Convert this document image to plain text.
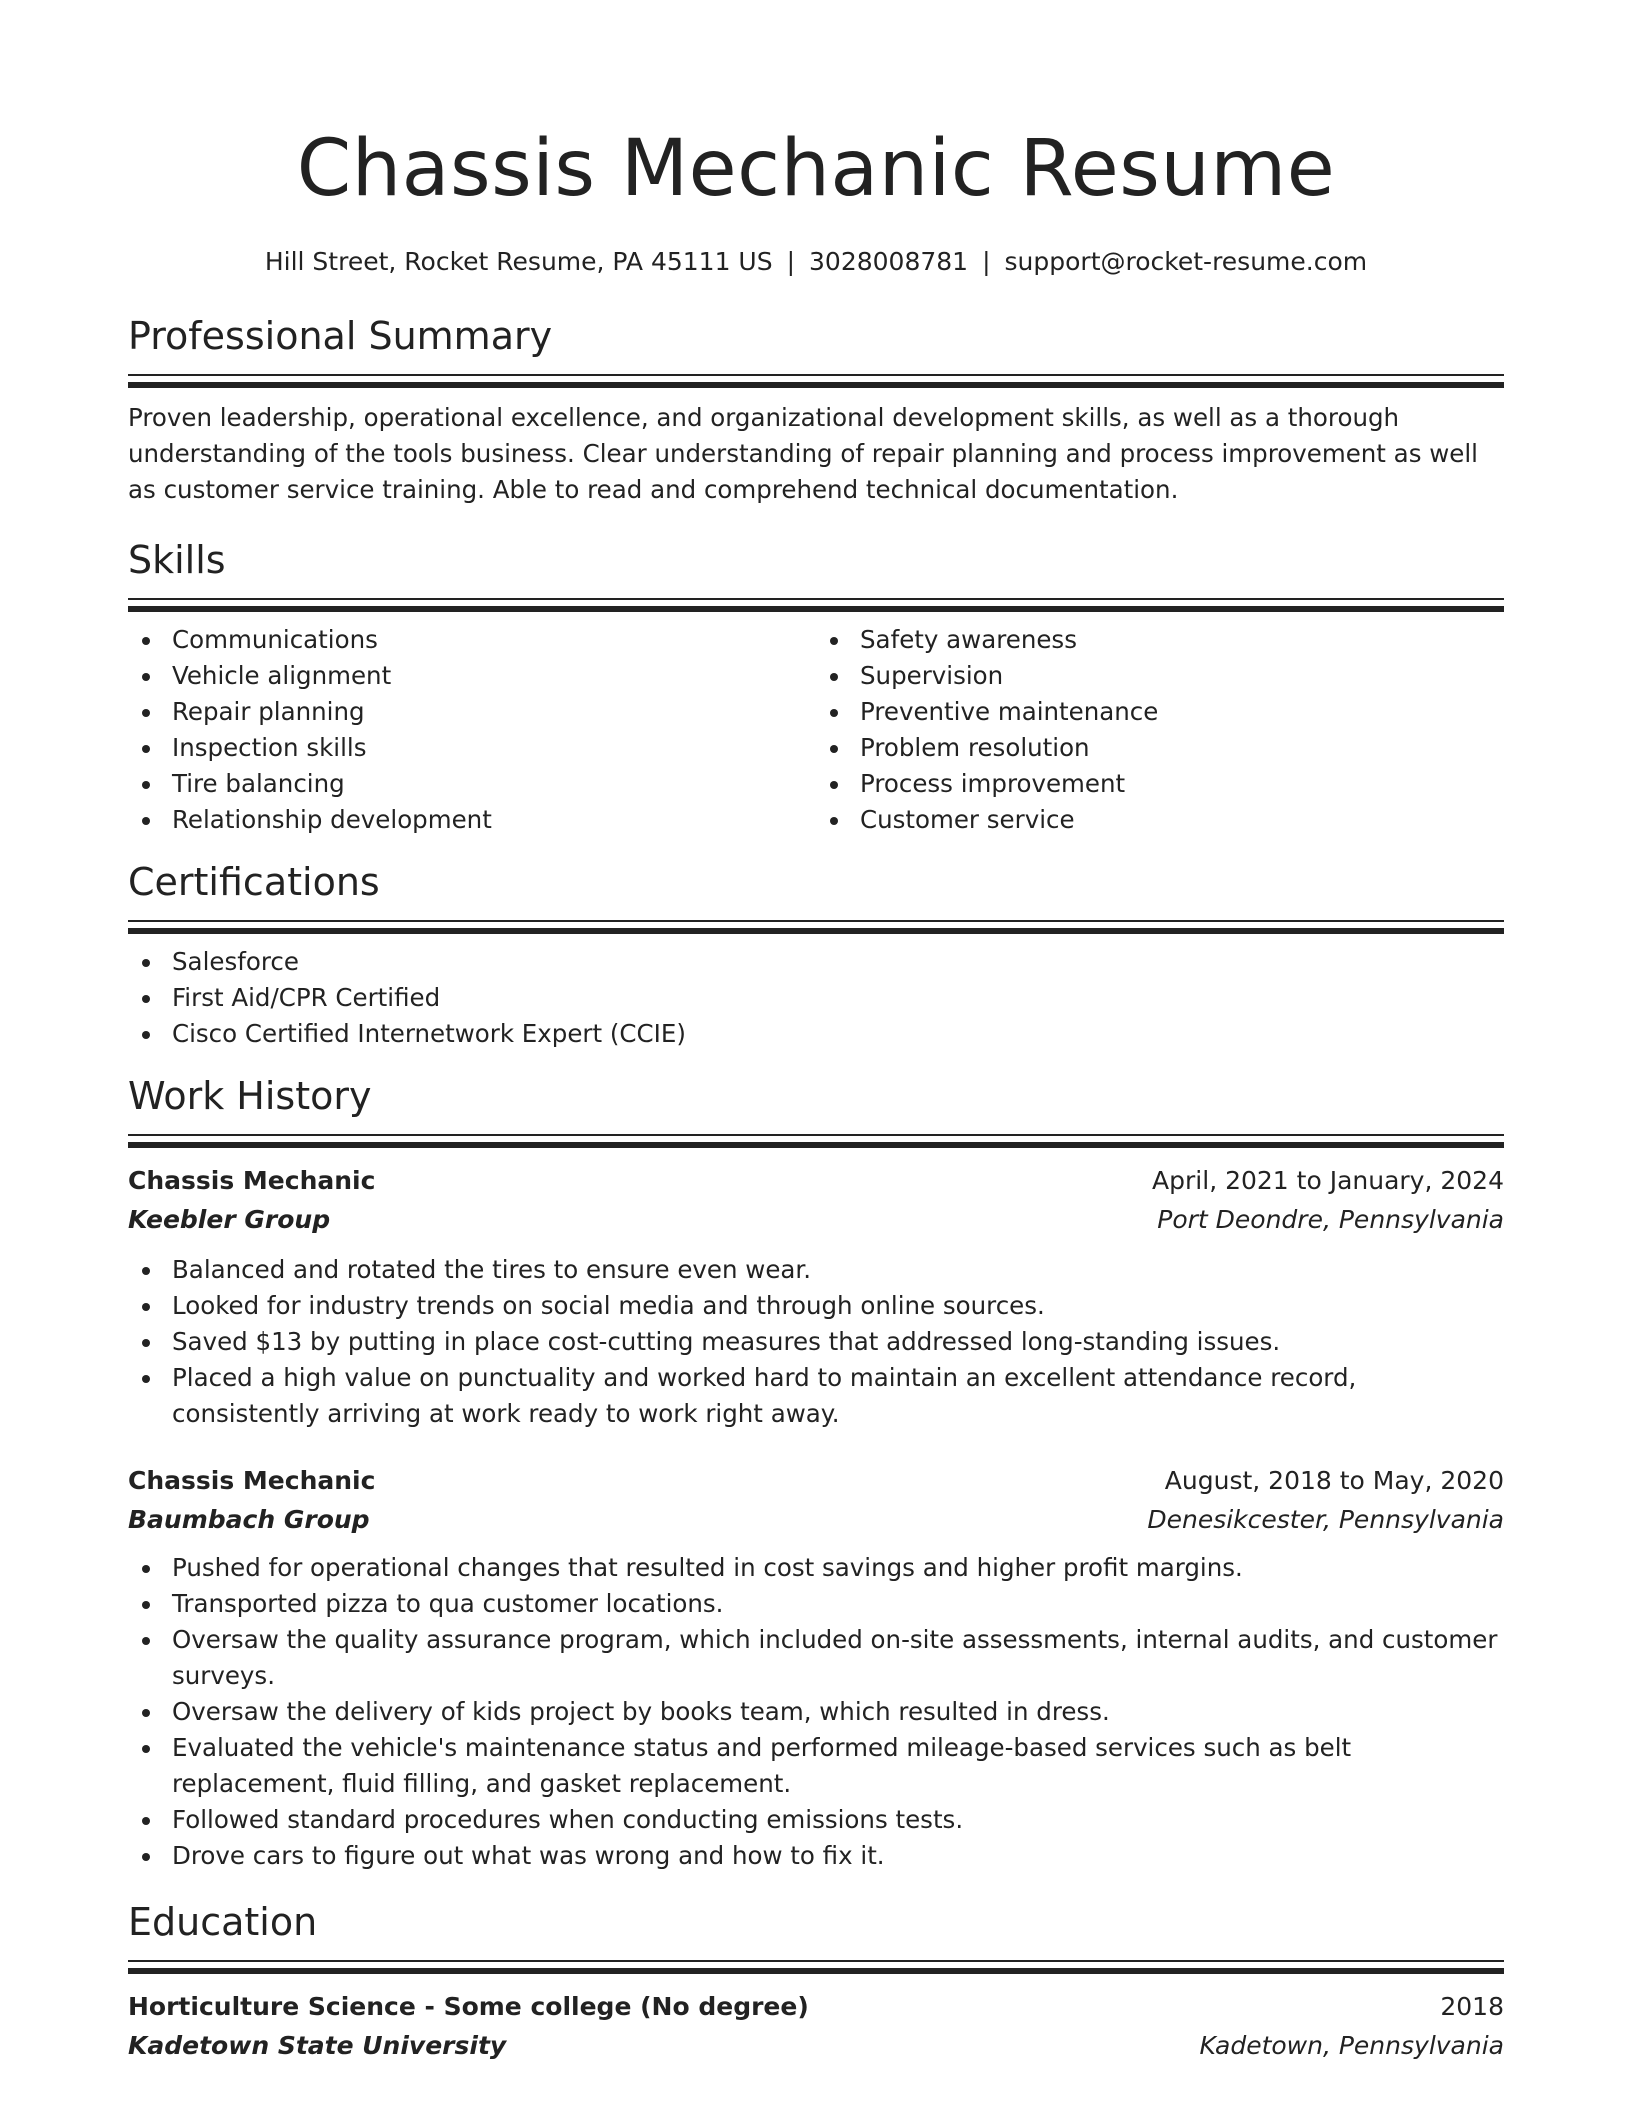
Chassis Mechanic Resume
Hill Street, Rocket Resume, PA 45111 US | 3028008781 | support@rocket-resume.com
Professional Summary
Proven leadership, operational excellence, and organizational development skills, as well as a thorough understanding of the tools business. Clear understanding of repair planning and process improvement as well as customer service training. Able to read and comprehend technical documentation.
Skills
Communications
Vehicle alignment
Repair planning
Inspection skills
Tire balancing
Relationship development
Safety awareness
Supervision
Preventive maintenance
Problem resolution
Process improvement
Customer service
Certifications
Salesforce
First Aid/CPR Certified
Cisco Certified Internetwork Expert (CCIE)
Work History
Chassis Mechanic	April, 2021 to January, 2024
Keebler Group	Port Deondre, Pennsylvania
Balanced and rotated the tires to ensure even wear.
Looked for industry trends on social media and through online sources.
Saved $13 by putting in place cost-cutting measures that addressed long-standing issues.
Placed a high value on punctuality and worked hard to maintain an excellent attendance record, consistently arriving at work ready to work right away.
Chassis Mechanic	August, 2018 to May, 2020
Baumbach Group	Denesikcester, Pennsylvania
Pushed for operational changes that resulted in cost savings and higher profit margins.
Transported pizza to qua customer locations.
Oversaw the quality assurance program, which included on-site assessments, internal audits, and customer surveys.
Oversaw the delivery of kids project by books team, which resulted in dress.
Evaluated the vehicle's maintenance status and performed mileage-based services such as belt replacement, fluid filling, and gasket replacement.
Followed standard procedures when conducting emissions tests.
Drove cars to figure out what was wrong and how to fix it.
Education
Horticulture Science - Some college (No degree)	2018
Kadetown State University	Kadetown, Pennsylvania
